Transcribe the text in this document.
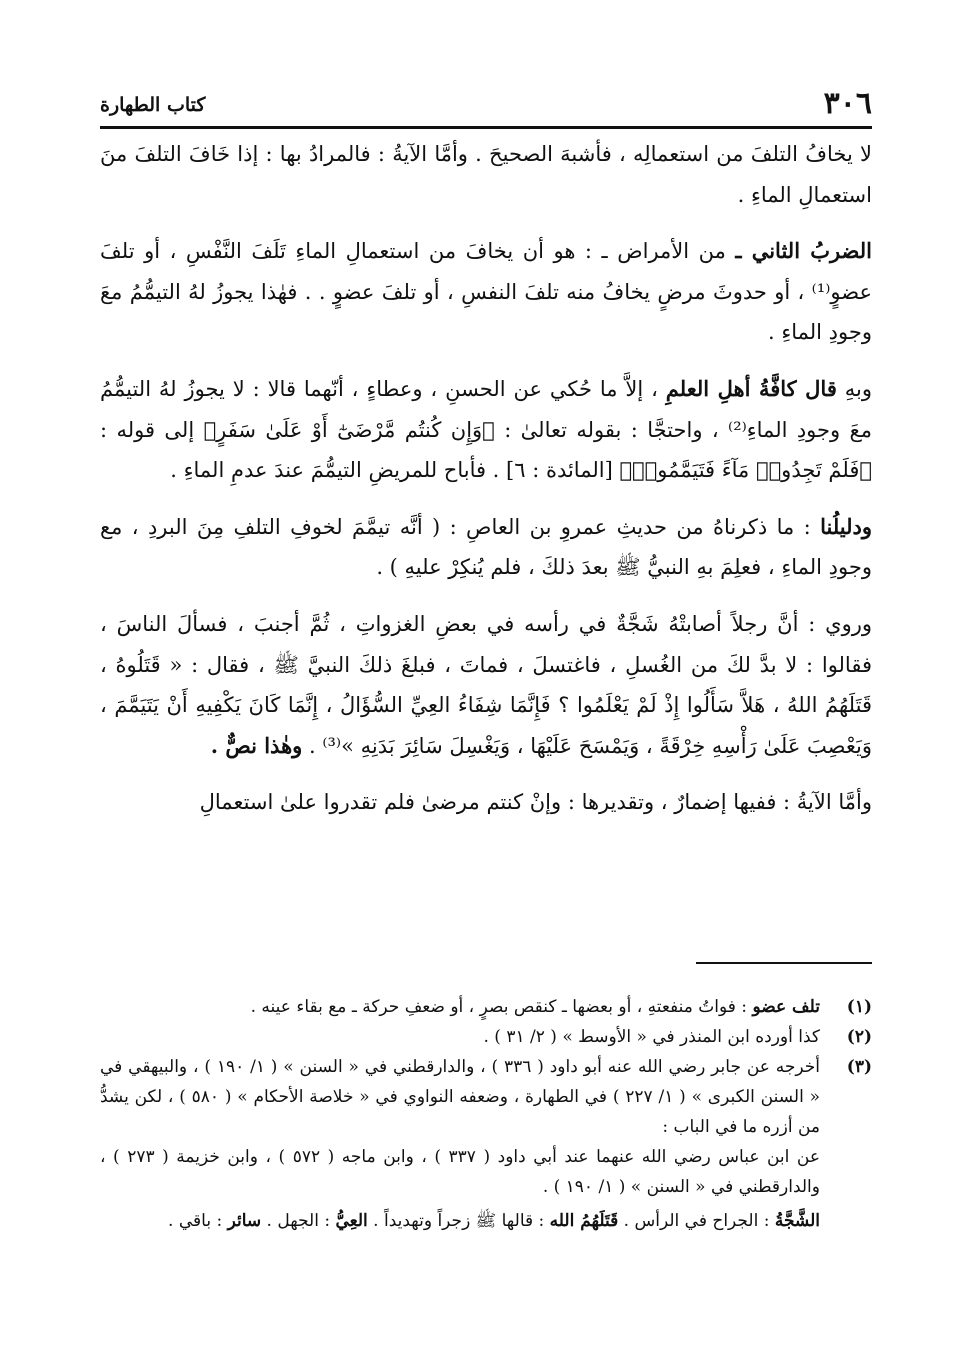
٣٠٦
كتاب الطهارة

لا يخافُ التلفَ من استعمالِه ، فأشبهَ الصحيحَ . وأمَّا الآيةُ : فالمرادُ بها : إذا خَافَ التلفَ منَ استعمالِ الماءِ .

الضربُ الثاني ـ من الأمراض ـ : هو أن يخافَ من استعمالِ الماءِ تَلَفَ النَّفْسِ ، أو تلفَ عضوٍ⁽¹⁾ ، أو حدوثَ مرضٍ يخافُ منه تلفَ النفسِ ، أو تلفَ عضوٍ . . فهٰذا يجوزُ لهُ التيمُّمُ معَ وجودِ الماءِ .

وبهِ قال كافَّةُ أهلِ العلمِ ، إلاَّ ما حُكي عن الحسنِ ، وعطاءٍ ، أنّهما قالا : لا يجوزُ لهُ التيمُّمُ معَ وجودِ الماءِ⁽²⁾ ، واحتجَّا : بقوله تعالىٰ : ﴿وَإِن كُنتُم مَّرْضَىٰٓ أَوْ عَلَىٰ سَفَرٍ﴾ إلى قوله : ﴿فَلَمْ تَجِدُوا۟ مَآءً فَتَيَمَّمُوا۟﴾ [المائدة : ٦] . فأباح للمريضِ التيمُّمَ عندَ عدمِ الماءِ .

ودليلُنا : ما ذكرناهُ من حديثِ عمروِ بن العاصِ : ( أنَّه تيمَّمَ لخوفِ التلفِ مِنَ البردِ ، مع وجودِ الماءِ ، فعلِمَ بهِ النبيُّ ﷺ بعدَ ذلكَ ، فلم يُنكِرْ عليهِ ) .

وروي : أنَّ رجلاً أصابتْهُ شَجَّةٌ في رأسه في بعضِ الغزواتِ ، ثُمَّ أجنبَ ، فسألَ الناسَ ، فقالوا : لا بدَّ لكَ من الغُسلِ ، فاغتسلَ ، فماتَ ، فبلغَ ذلكَ النبيَّ ﷺ ، فقال : « قَتَلُوهُ ، قَتَلَهُمُ اللهُ ، هَلاَّ سَأَلُوا إِذْ لَمْ يَعْلَمُوا ؟ فَإِنَّمَا شِفَاءُ العِيِّ السُّؤَالُ ، إِنَّمَا كَانَ يَكْفِيهِ أَنْ يَتَيَمَّمَ ، وَيَعْصِبَ عَلَىٰ رَأْسِهِ خِرْقَةً ، وَيَمْسَحَ عَلَيْهَا ، وَيَغْسِلَ سَائِرَ بَدَنِهِ »⁽³⁾ . وهٰذا نصٌّ .

وأمَّا الآيةُ : ففيها إضمارٌ ، وتقديرها : وإنْ كنتم مرضىٰ فلم تقدروا علىٰ استعمالِ

(١)
تلف عضو : فواتُ منفعتهِ ، أو بعضها ـ كنقص بصرٍ ، أو ضعفِ حركة ـ مع بقاء عينه .

(٢)
كذا أورده ابن المنذر في « الأوسط » ( ٢/ ٣١ ) .

(٣)
أخرجه عن جابر رضي الله عنه أبو داود ( ٣٣٦ ) ، والدارقطني في « السنن » ( ١/ ١٩٠ ) ، والبيهقي في « السنن الكبرى » ( ١/ ٢٢٧ ) في الطهارة ، وضعفه النواوي في « خلاصة الأحكام » ( ٥٨٠ ) ، لكن يشدُّ من أزره ما في الباب :

عن ابن عباس رضي الله عنهما عند أبي داود ( ٣٣٧ ) ، وابن ماجه ( ٥٧٢ ) ، وابن خزيمة ( ٢٧٣ ) ، والدارقطني في « السنن » ( ١/ ١٩٠ ) .

الشَّجَّةُ : الجراح في الرأس . قَتَلَهُمُ الله : قالها ﷺ زجراً وتهديداً . العِيُّ : الجهل . سائر : باقي .
